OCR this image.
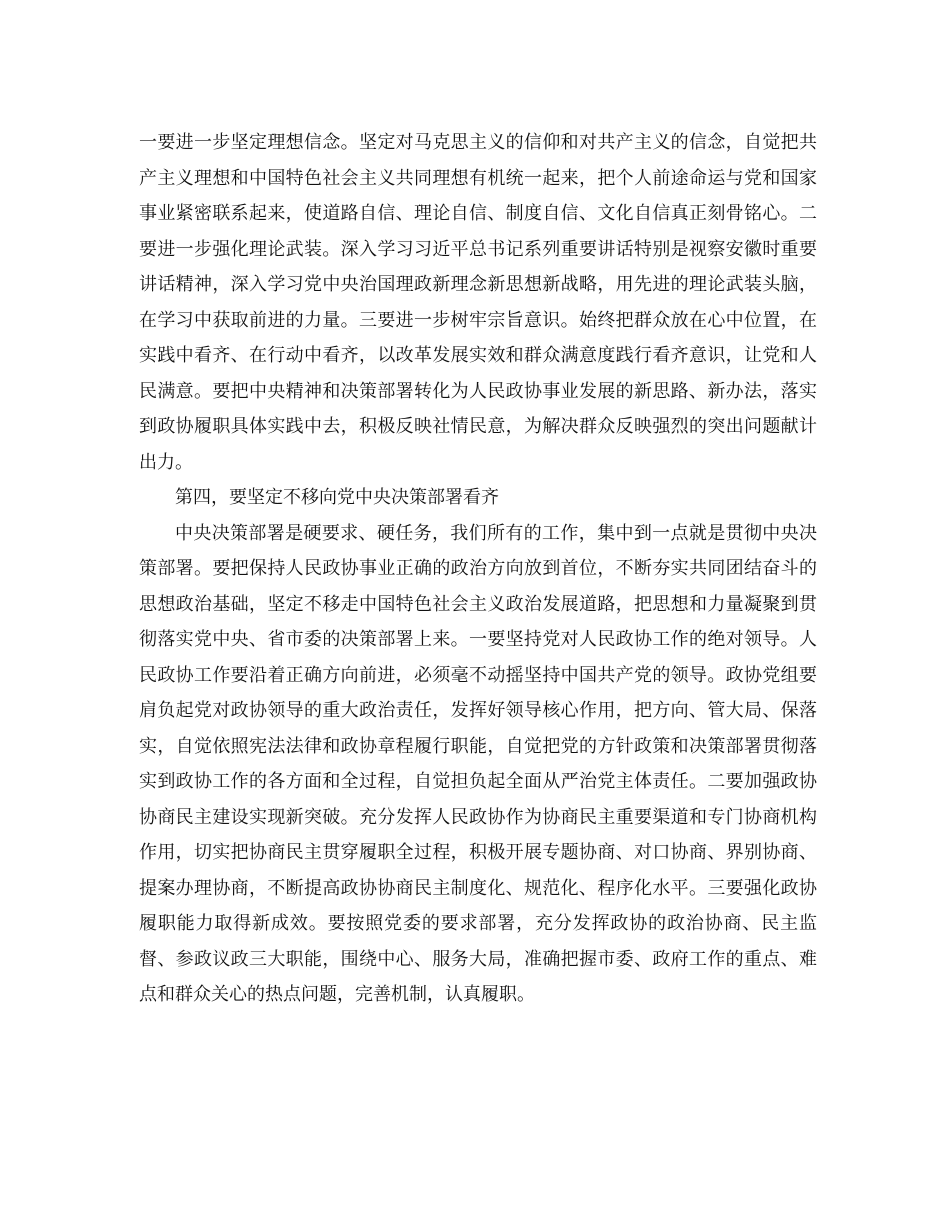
一要进一步坚定理想信念。坚定对马克思主义的信仰和对共产主义的信念，自觉把共产主义理想和中国特色社会主义共同理想有机统一起来，把个人前途命运与党和国家事业紧密联系起来，使道路自信、理论自信、制度自信、文化自信真正刻骨铭心。二要进一步强化理论武装。深入学习习近平总书记系列重要讲话特别是视察安徽时重要讲话精神，深入学习党中央治国理政新理念新思想新战略，用先进的理论武装头脑，在学习中获取前进的力量。三要进一步树牢宗旨意识。始终把群众放在心中位置，在实践中看齐、在行动中看齐，以改革发展实效和群众满意度践行看齐意识，让党和人民满意。要把中央精神和决策部署转化为人民政协事业发展的新思路、新办法，落实到政协履职具体实践中去，积极反映社情民意，为解决群众反映强烈的突出问题献计出力。

第四，要坚定不移向党中央决策部署看齐

中央决策部署是硬要求、硬任务，我们所有的工作，集中到一点就是贯彻中央决策部署。要把保持人民政协事业正确的政治方向放到首位，不断夯实共同团结奋斗的思想政治基础，坚定不移走中国特色社会主义政治发展道路，把思想和力量凝聚到贯彻落实党中央、省市委的决策部署上来。一要坚持党对人民政协工作的绝对领导。人民政协工作要沿着正确方向前进，必须毫不动摇坚持中国共产党的领导。政协党组要肩负起党对政协领导的重大政治责任，发挥好领导核心作用，把方向、管大局、保落实，自觉依照宪法法律和政协章程履行职能，自觉把党的方针政策和决策部署贯彻落实到政协工作的各方面和全过程，自觉担负起全面从严治党主体责任。二要加强政协协商民主建设实现新突破。充分发挥人民政协作为协商民主重要渠道和专门协商机构作用，切实把协商民主贯穿履职全过程，积极开展专题协商、对口协商、界别协商、提案办理协商，不断提高政协协商民主制度化、规范化、程序化水平。三要强化政协履职能力取得新成效。要按照党委的要求部署，充分发挥政协的政治协商、民主监督、参政议政三大职能，围绕中心、服务大局，准确把握市委、政府工作的重点、难点和群众关心的热点问题，完善机制，认真履职。
